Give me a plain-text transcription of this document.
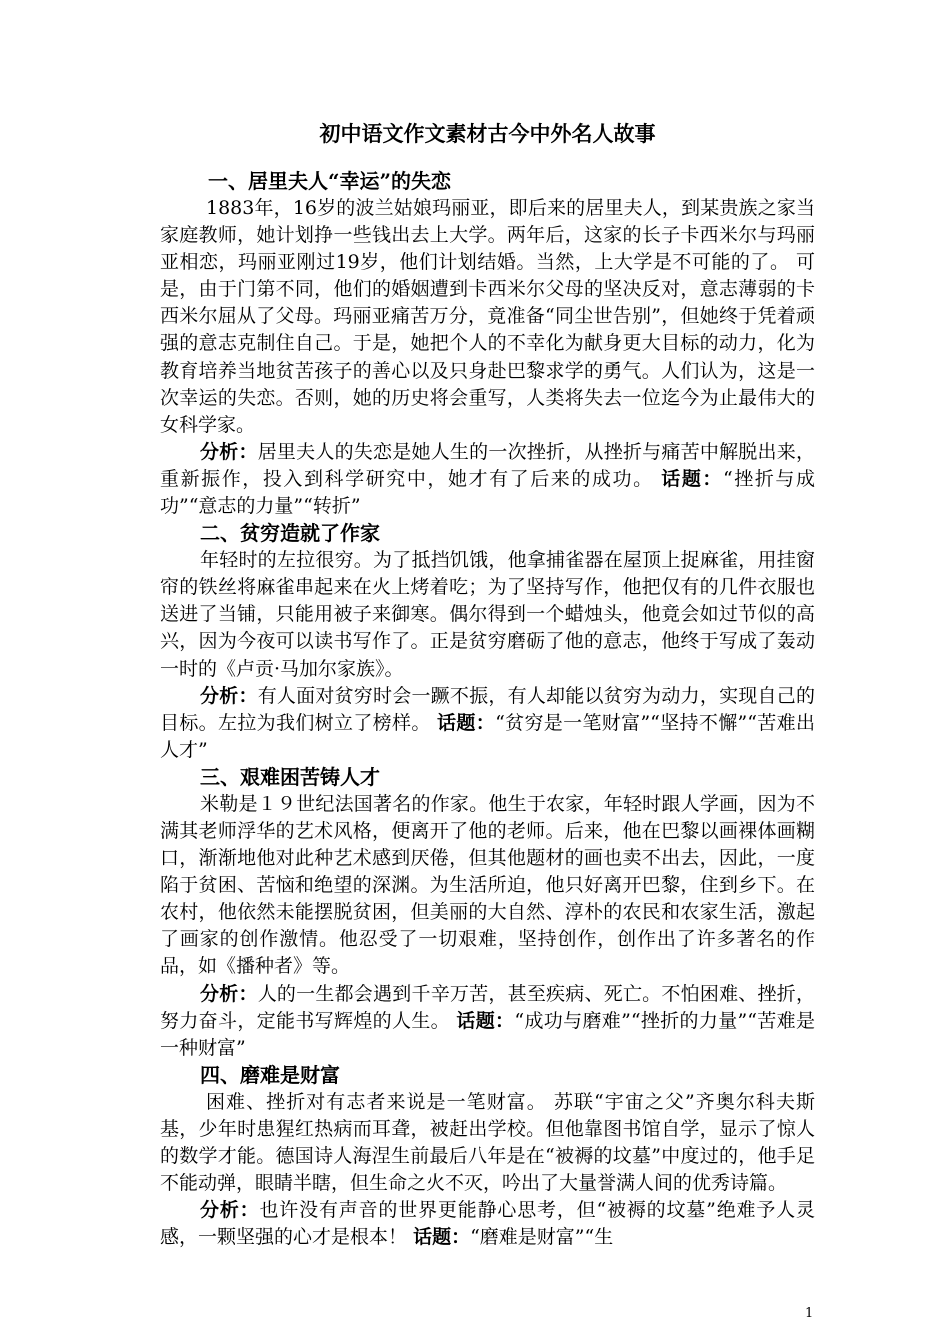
初中语文作文素材古今中外名人故事
一、居里夫人“幸运”的失恋

1883年，16岁的波兰姑娘玛丽亚，即后来的居里夫人，到某贵族之家当家庭教师，她计划挣一些钱出去上大学。两年后，这家的长子卡西米尔与玛丽亚相恋，玛丽亚刚过19岁，他们计划结婚。当然，上大学是不可能的了。 可是，由于门第不同，他们的婚姻遭到卡西米尔父母的坚决反对，意志薄弱的卡西米尔屈从了父母。玛丽亚痛苦万分，竟准备“同尘世告别”，但她终于凭着顽强的意志克制住自己。于是，她把个人的不幸化为献身更大目标的动力，化为教育培养当地贫苦孩子的善心以及只身赴巴黎求学的勇气。人们认为，这是一次幸运的失恋。否则，她的历史将会重写，人类将失去一位迄今为止最伟大的女科学家。

分析：居里夫人的失恋是她人生的一次挫折，从挫折与痛苦中解脱出来，重新振作，投入到科学研究中，她才有了后来的成功。 话题：“挫折与成功”“意志的力量”“转折”

二、贫穷造就了作家

年轻时的左拉很穷。为了抵挡饥饿，他拿捕雀器在屋顶上捉麻雀，用挂窗帘的铁丝将麻雀串起来在火上烤着吃；为了坚持写作，他把仅有的几件衣服也送进了当铺，只能用被子来御寒。偶尔得到一个蜡烛头，他竟会如过节似的高兴，因为今夜可以读书写作了。正是贫穷磨砺了他的意志，他终于写成了轰动一时的《卢贡·马加尔家族》。

分析：有人面对贫穷时会一蹶不振，有人却能以贫穷为动力，实现自己的目标。左拉为我们树立了榜样。 话题：“贫穷是一笔财富”“坚持不懈”“苦难出人才”

三、艰难困苦铸人才

米勒是１９世纪法国著名的作家。他生于农家，年轻时跟人学画，因为不满其老师浮华的艺术风格，便离开了他的老师。后来，他在巴黎以画裸体画糊口，渐渐地他对此种艺术感到厌倦，但其他题材的画也卖不出去，因此，一度陷于贫困、苦恼和绝望的深渊。为生活所迫，他只好离开巴黎，住到乡下。在农村，他依然未能摆脱贫困，但美丽的大自然、淳朴的农民和农家生活，激起了画家的创作激情。他忍受了一切艰难，坚持创作，创作出了许多著名的作品，如《播种者》等。

分析：人的一生都会遇到千辛万苦，甚至疾病、死亡。不怕困难、挫折，努力奋斗，定能书写辉煌的人生。 话题：“成功与磨难”“挫折的力量”“苦难是一种财富”

四、磨难是财富

困难、挫折对有志者来说是一笔财富。 苏联“宇宙之父”齐奥尔科夫斯基，少年时患猩红热病而耳聋，被赶出学校。但他靠图书馆自学，显示了惊人的数学才能。德国诗人海涅生前最后八年是在“被褥的坟墓”中度过的，他手足不能动弹，眼睛半瞎，但生命之火不灭，吟出了大量誉满人间的优秀诗篇。

分析：也许没有声音的世界更能静心思考，但“被褥的坟墓”绝难予人灵感，一颗坚强的心才是根本！ 话题：“磨难是财富”“生

1
